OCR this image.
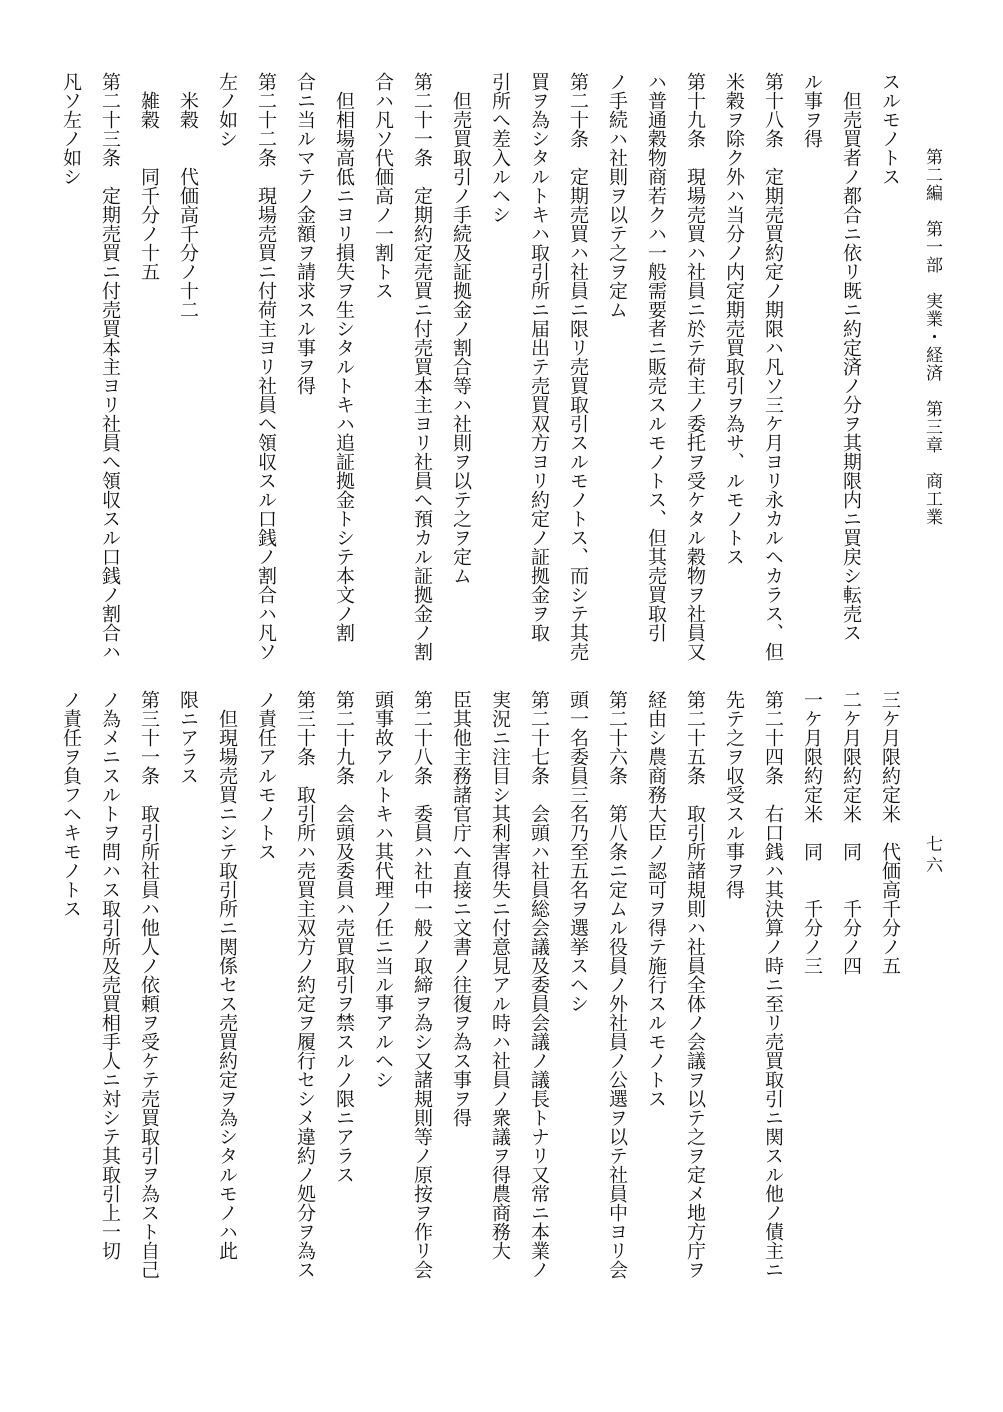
第二編　第一部　実業・経済　第三章　商工業
七六
スルモノトス
　但売買者ノ都合ニ依リ既ニ約定済ノ分ヲ其期限内ニ買戻シ転売ス
ル事ヲ得
第十八条　定期売買約定ノ期限ハ凡ソ三ケ月ヨリ永カルヘカラス、但
米穀ヲ除ク外ハ当分ノ内定期売買取引ヲ為サ、ルモノトス
第十九条　現場売買ハ社員ニ於テ荷主ノ委托ヲ受ケタル穀物ヲ社員又
ハ普通穀物商若クハ一般需要者ニ販売スルモノトス、但其売買取引
ノ手続ハ社則ヲ以テ之ヲ定ム
第二十条　定期売買ハ社員ニ限リ売買取引スルモノトス、而シテ其売
買ヲ為シタルトキハ取引所ニ届出テ売買双方ヨリ約定ノ証拠金ヲ取
引所へ差入ルヘシ
　但売買取引ノ手続及証拠金ノ割合等ハ社則ヲ以テ之ヲ定ム
第二十一条　定期約定売買ニ付売買本主ヨリ社員へ預カル証拠金ノ割
合ハ凡ソ代価高ノ一割トス
　但相場高低ニヨリ損失ヲ生シタルトキハ追証拠金トシテ本文ノ割
合ニ当ルマテノ金額ヲ請求スル事ヲ得
第二十二条　現場売買ニ付荷主ヨリ社員へ領収スル口銭ノ割合ハ凡ソ
左ノ如シ
　米穀　　代価高千分ノ十二
　雑穀　　同千分ノ十五
第二十三条　定期売買ニ付売買本主ヨリ社員へ領収スル口銭ノ割合ハ
凡ソ左ノ如シ
三ケ月限約定米　代価高千分ノ五
二ケ月限約定米　同　　千分ノ四
一ケ月限約定米　同　　千分ノ三
第二十四条　右口銭ハ其決算ノ時ニ至リ売買取引ニ関スル他ノ債主ニ
先テ之ヲ収受スル事ヲ得
第二十五条　取引所諸規則ハ社員全体ノ会議ヲ以テ之ヲ定メ地方庁ヲ
経由シ農商務大臣ノ認可ヲ得テ施行スルモノトス
第二十六条　第八条ニ定ムル役員ノ外社員ノ公選ヲ以テ社員中ヨリ会
頭一名委員三名乃至五名ヲ選挙スヘシ
第二十七条　会頭ハ社員総会議及委員会議ノ議長トナリ又常ニ本業ノ
実況ニ注目シ其利害得失ニ付意見アル時ハ社員ノ衆議ヲ得農商務大
臣其他主務諸官庁へ直接ニ文書ノ往復ヲ為ス事ヲ得
第二十八条　委員ハ社中一般ノ取締ヲ為シ又諸規則等ノ原按ヲ作リ会
頭事故アルトキハ其代理ノ任ニ当ル事アルヘシ
第二十九条　会頭及委員ハ売買取引ヲ禁スルノ限ニアラス
第三十条　取引所ハ売買主双方ノ約定ヲ履行セシメ違約ノ処分ヲ為ス
ノ責任アルモノトス
　但現場売買ニシテ取引所ニ関係セス売買約定ヲ為シタルモノハ此
限ニアラス
第三十一条　取引所社員ハ他人ノ依頼ヲ受ケテ売買取引ヲ為スト自己
ノ為メニスルトヲ問ハス取引所及売買相手人ニ対シテ其取引上一切
ノ責任ヲ負フヘキモノトス
